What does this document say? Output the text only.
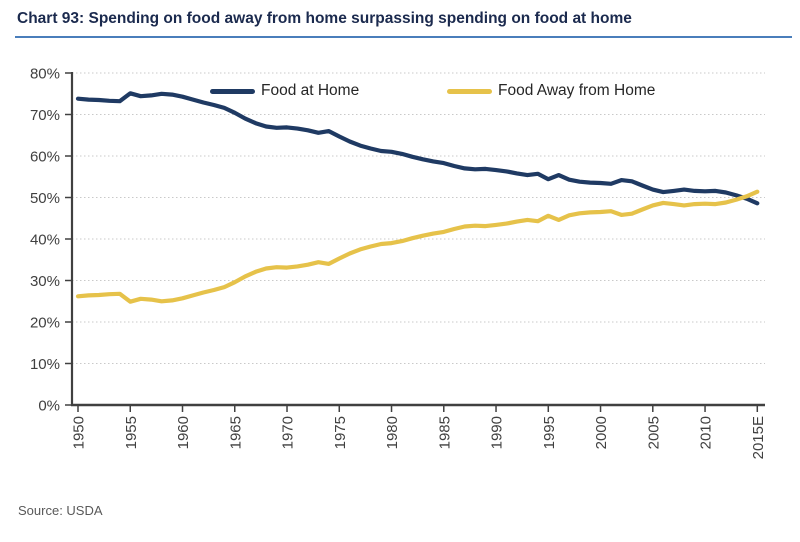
Chart 93: Spending on food away from home surpassing spending on food at home
0%
10%
20%
30%
40%
50%
60%
70%
80%
1950 1955 1960 1965 1970 1975 1980 1985 1990 1995 2000 2005 2010 2015E
Food at Home	Food Away from Home
Source: USDA
